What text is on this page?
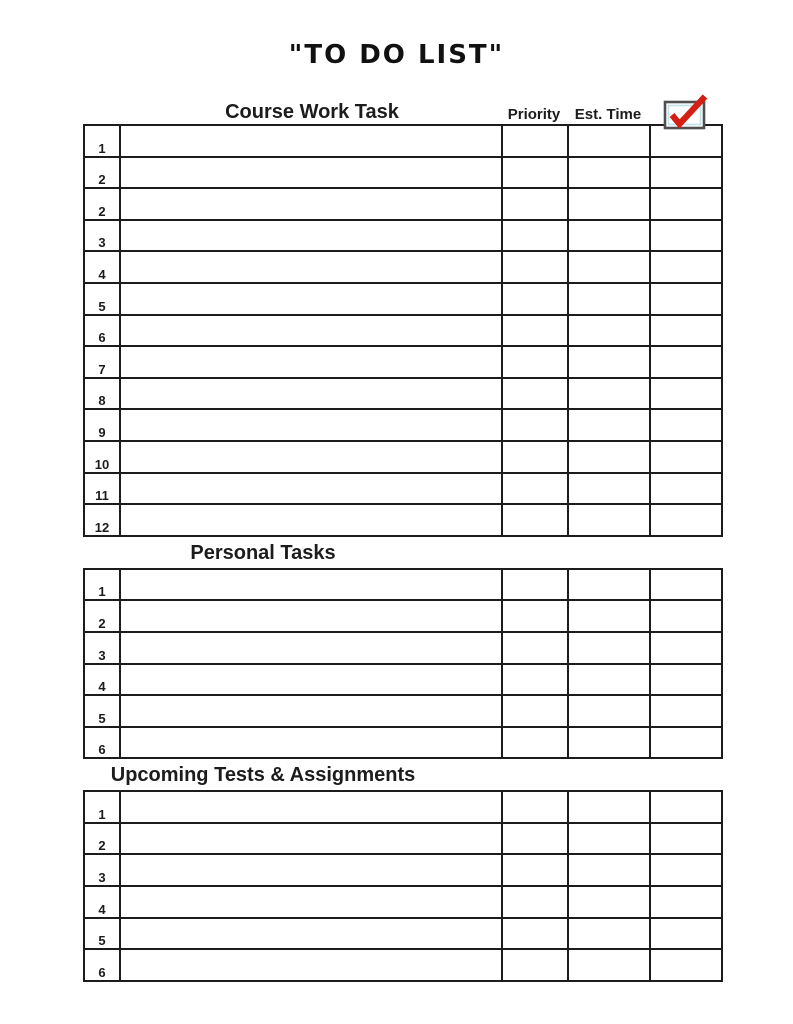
"TO DO LIST"
Course Work Task	Priority Est. Time
1				
2				
2				
3				
4				
5				
6				
7				
8				
9				
10				
11				
12				
Personal Tasks
1				
2				
3				
4				
5				
6				
Upcoming Tests & Assignments
1				
2				
3				
4				
5				
6				
